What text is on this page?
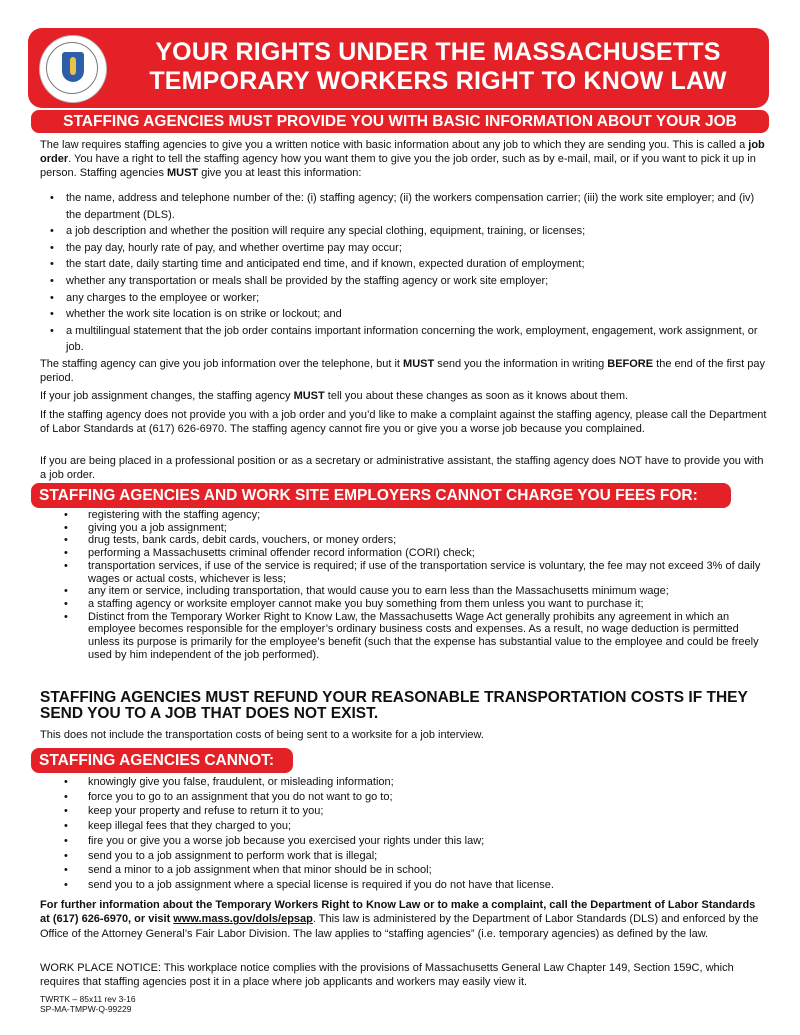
YOUR RIGHTS UNDER THE MASSACHUSETTS
TEMPORARY WORKERS RIGHT TO KNOW LAW
STAFFING AGENCIES MUST PROVIDE YOU WITH BASIC INFORMATION ABOUT YOUR JOB
The law requires staffing agencies to give you a written notice with basic information about any job to which they are sending you. This is called a job order. You have a right to tell the staffing agency how you want them to give you the job order, such as by e-mail, mail, or if you want to pick it up in person. Staffing agencies MUST give you at least this information:
• the name, address and telephone number of the: (i) staffing agency; (ii) the workers compensation carrier; (iii) the work site employer; and (iv) the department (DLS).
• a job description and whether the position will require any special clothing, equipment, training, or licenses;
• the pay day, hourly rate of pay, and whether overtime pay may occur;
• the start date, daily starting time and anticipated end time, and if known, expected duration of employment;
• whether any transportation or meals shall be provided by the staffing agency or work site employer;
• any charges to the employee or worker;
• whether the work site location is on strike or lockout; and
• a multilingual statement that the job order contains important information concerning the work, employment, engagement, work assignment, or job.
The staffing agency can give you job information over the telephone, but it MUST send you the information in writing BEFORE the end of the first pay period.
If your job assignment changes, the staffing agency MUST tell you about these changes as soon as it knows about them.
If the staffing agency does not provide you with a job order and you’d like to make a complaint against the staffing agency, please call the Department of Labor Standards at (617) 626-6970. The staffing agency cannot fire you or give you a worse job because you complained.
If you are being placed in a professional position or as a secretary or administrative assistant, the staffing agency does NOT have to provide you with a job order.
STAFFING AGENCIES AND WORK SITE EMPLOYERS CANNOT CHARGE YOU FEES FOR:
• registering with the staffing agency;
• giving you a job assignment;
• drug tests, bank cards, debit cards, vouchers, or money orders;
• performing a Massachusetts criminal offender record information (CORI) check;
• transportation services, if use of the service is required; if use of the transportation service is voluntary, the fee may not exceed 3% of daily wages or actual costs, whichever is less;
• any item or service, including transportation, that would cause you to earn less than the Massachusetts minimum wage;
• a staffing agency or worksite employer cannot make you buy something from them unless you want to purchase it;
• Distinct from the Temporary Worker Right to Know Law, the Massachusetts Wage Act generally prohibits any agreement in which an employee becomes responsible for the employer’s ordinary business costs and expenses. As a result, no wage deduction is permitted unless its purpose is primarily for the employee’s benefit (such that the expense has substantial value to the employee and could be freely used by him independent of the job performed).
STAFFING AGENCIES MUST REFUND YOUR REASONABLE TRANSPORTATION COSTS IF THEY SEND YOU TO A JOB THAT DOES NOT EXIST.
This does not include the transportation costs of being sent to a worksite for a job interview.
STAFFING AGENCIES CANNOT:
• knowingly give you false, fraudulent, or misleading information;
• force you to go to an assignment that you do not want to go to;
• keep your property and refuse to return it to you;
• keep illegal fees that they charged to you;
• fire you or give you a worse job because you exercised your rights under this law;
• send you to a job assignment to perform work that is illegal;
• send a minor to a job assignment when that minor should be in school;
• send you to a job assignment where a special license is required if you do not have that license.
For further information about the Temporary Workers Right to Know Law or to make a complaint, call the Department of Labor Standards at (617) 626-6970, or visit www.mass.gov/dols/epsap. This law is administered by the Department of Labor Standards (DLS) and enforced by the Office of the Attorney General’s Fair Labor Division. The law applies to “staffing agencies” (i.e. temporary agencies) as defined by the law.
WORK PLACE NOTICE: This workplace notice complies with the provisions of Massachusetts General Law Chapter 149, Section 159C, which requires that staffing agencies post it in a place where job applicants and workers may easily view it.
TWRTK – 85x11 rev 3-16
SP-MA-TMPW-Q-99229
